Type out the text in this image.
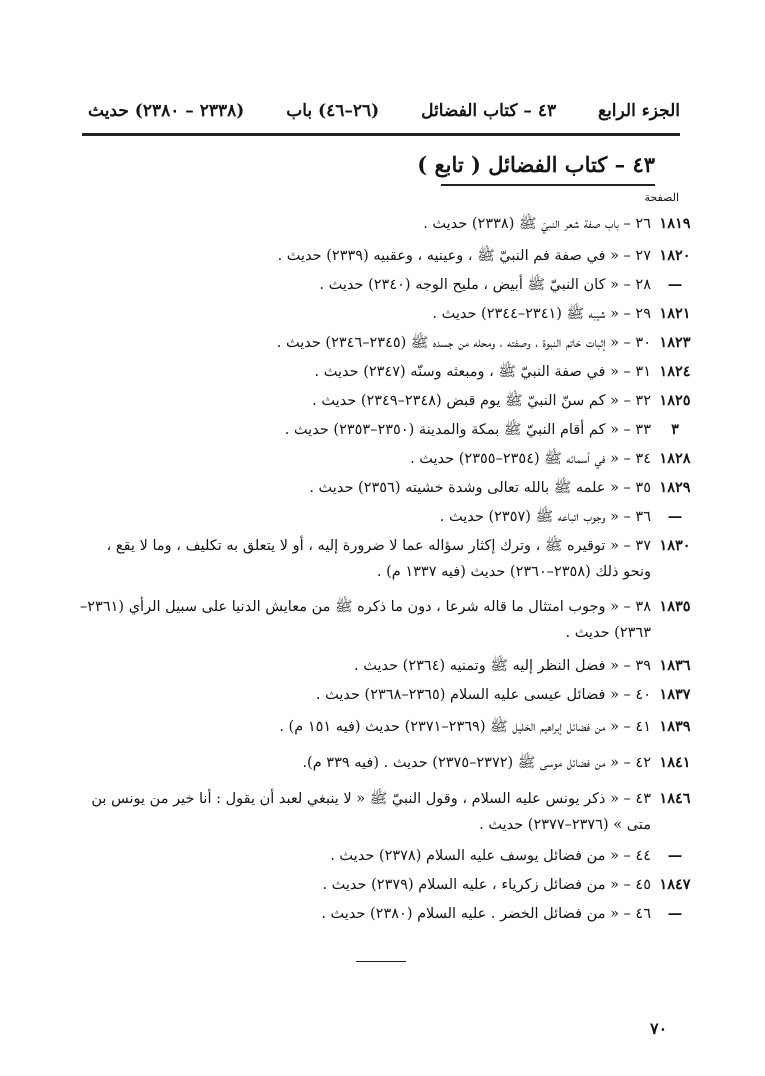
الجزء الرابع
٤٣ – كتاب الفضائل
(٢٦–٤٦) باب
(٢٣٣٨ – ٢٣٨٠) حديث
٤٣ – كتاب الفضائل ( تابع )
الصفحة
١٨١٩
٢٦ – باب صفة شعر النبيّ ﷺ (٢٣٣٨) حديث .
١٨٢٠
٢٧ – « في صفة فم النبيّ ﷺ ، وعينيه ، وعقبيه (٢٣٣٩) حديث .
—
٢٨ – « كان النبيّ ﷺ أبيض ، مليح الوجه (٢٣٤٠) حديث .
١٨٢١
٢٩ – « شيبه ﷺ (٢٣٤١–٢٣٤٤) حديث .
١٨٢٣
٣٠ – « إثبات خاتم النبوة ، وصفته ، ومحله من جسده ﷺ (٢٣٤٥–٢٣٤٦) حديث .
١٨٢٤
٣١ – « في صفة النبيّ ﷺ ، ومبعثه وسنّه (٢٣٤٧) حديث .
١٨٢٥
٣٢ – « كم سنّ النبيّ ﷺ يوم قبض (٢٣٤٨–٢٣٤٩) حديث .
٣
٣٣ – « كم أقام النبيّ ﷺ بمكة والمدينة (٢٣٥٠–٢٣٥٣) حديث .
١٨٢٨
٣٤ – « في أسمائه ﷺ (٢٣٥٤–٢٣٥٥) حديث .
١٨٢٩
٣٥ – « علمه ﷺ بالله تعالى وشدة خشيته (٢٣٥٦) حديث .
—
٣٦ – « وجوب اتباعه ﷺ (٢٣٥٧) حديث .
١٨٣٠
٣٧ – « توقيره ﷺ ، وترك إكثار سؤاله عما لا ضرورة إليه ، أو لا يتعلق به تكليف ، وما لا يقع ، ونحو ذلك (٢٣٥٨–٢٣٦٠) حديث (فيه ١٣٣٧ م) .
١٨٣٥
٣٨ – « وجوب امتثال ما قاله شرعا ، دون ما ذكره ﷺ من معايش الدنيا على سبيل الرأي (٢٣٦١–٢٣٦٣) حديث .
١٨٣٦
٣٩ – « فضل النظر إليه ﷺ وتمنيه (٢٣٦٤) حديث .
١٨٣٧
٤٠ – « فضائل عيسى عليه السلام (٢٣٦٥–٢٣٦٨) حديث .
١٨٣٩
٤١ – « من فضائل إبراهيم الخليل ﷺ (٢٣٦٩–٢٣٧١) حديث (فيه ١٥١ م) .
١٨٤١
٤٢ – « من فضائل موسى ﷺ (٢٣٧٢–٢٣٧٥) حديث . (فيه ٣٣٩ م).
١٨٤٦
٤٣ – « ذكر يونس عليه السلام ، وقول النبيّ ﷺ « لا ينبغي لعبد أن يقول : أنا خير من يونس بن متى » (٢٣٧٦–٢٣٧٧) حديث .
—
٤٤ – « من فضائل يوسف عليه السلام (٢٣٧٨) حديث .
١٨٤٧
٤٥ – « من فضائل زكرياء ، عليه السلام (٢٣٧٩) حديث .
—
٤٦ – « من فضائل الخضر . عليه السلام (٢٣٨٠) حديث .
٧٠
